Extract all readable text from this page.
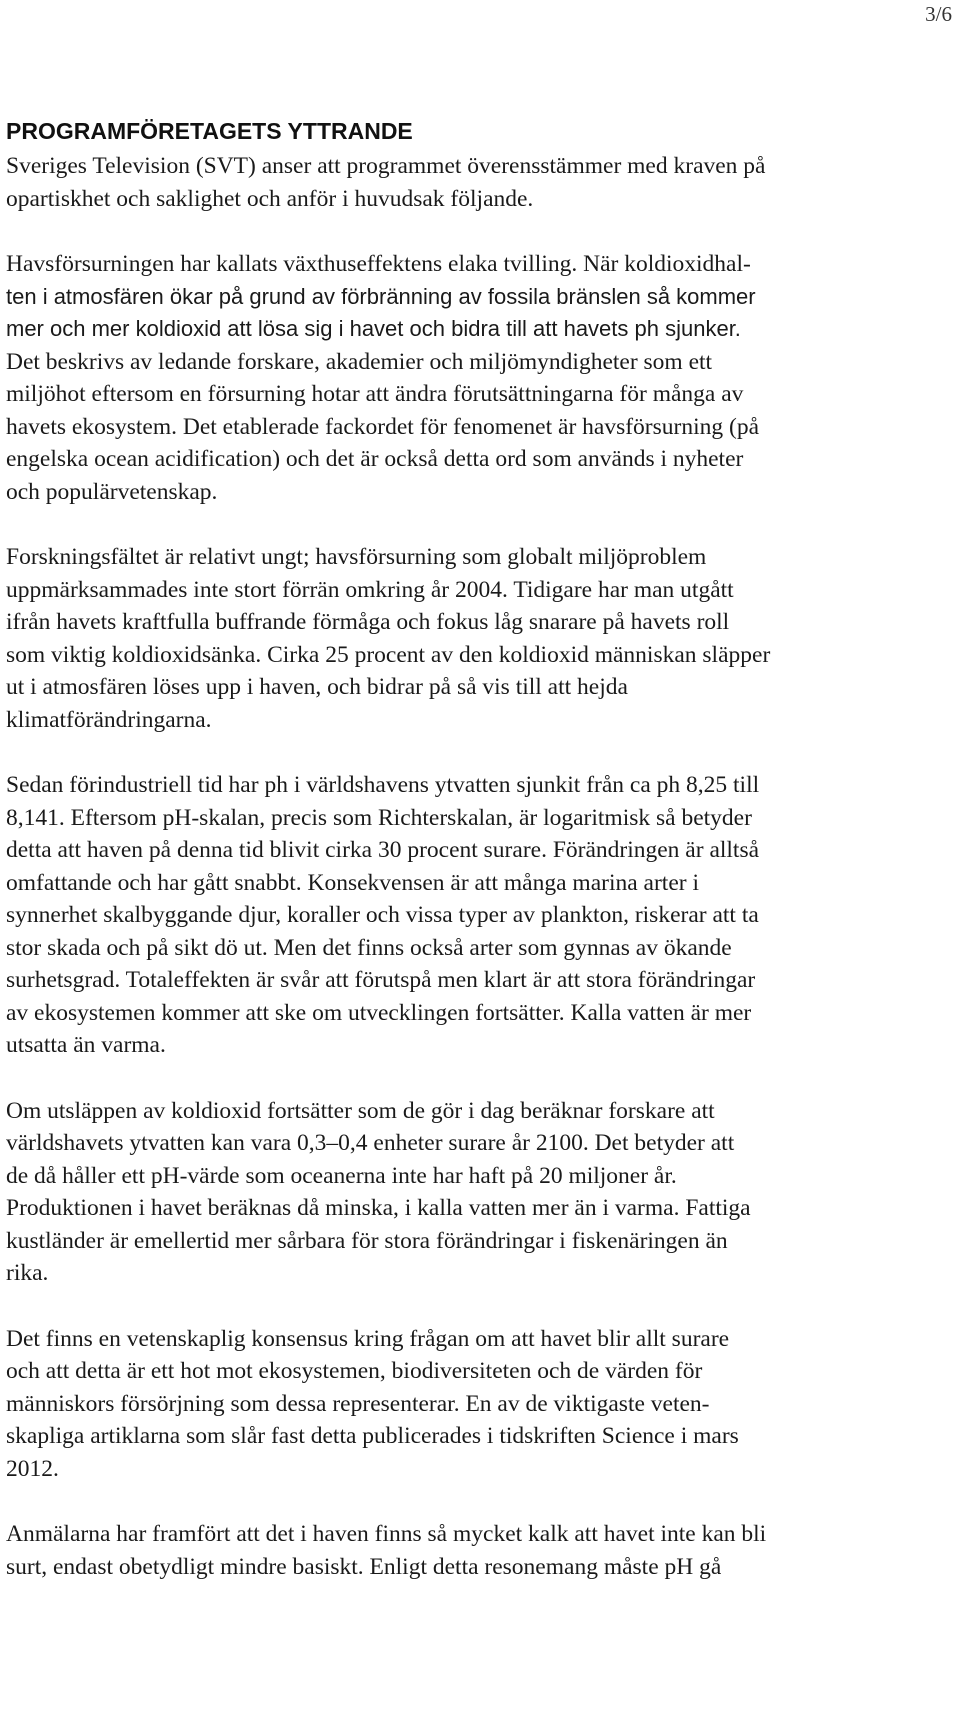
3/6
PROGRAMFÖRETAGETS YTTRANDE
Sveriges Television (SVT) anser att programmet överensstämmer med kraven på
opartiskhet och saklighet och anför i huvudsak följande.
Havsförsurningen har kallats växthuseffektens elaka tvilling. När koldioxidhal-
ten i atmosfären ökar på grund av förbränning av fossila bränslen så kommer
mer och mer koldioxid att lösa sig i havet och bidra till att havets ph sjunker.
Det beskrivs av ledande forskare, akademier och miljömyndigheter som ett
miljöhot eftersom en försurning hotar att ändra förutsättningarna för många av
havets ekosystem. Det etablerade fackordet för fenomenet är havsförsurning (på
engelska ocean acidification) och det är också detta ord som används i nyheter
och populärvetenskap.
Forskningsfältet är relativt ungt; havsförsurning som globalt miljöproblem
uppmärksammades inte stort förrän omkring år 2004. Tidigare har man utgått
ifrån havets kraftfulla buffrande förmåga och fokus låg snarare på havets roll
som viktig koldioxidsänka. Cirka 25 procent av den koldioxid människan släpper
ut i atmosfären löses upp i haven, och bidrar på så vis till att hejda
klimatförändringarna.
Sedan förindustriell tid har ph i världshavens ytvatten sjunkit från ca ph 8,25 till
8,141. Eftersom pH-skalan, precis som Richterskalan, är logaritmisk så betyder
detta att haven på denna tid blivit cirka 30 procent surare. Förändringen är alltså
omfattande och har gått snabbt. Konsekvensen är att många marina arter i
synnerhet skalbyggande djur, koraller och vissa typer av plankton, riskerar att ta
stor skada och på sikt dö ut. Men det finns också arter som gynnas av ökande
surhetsgrad. Totaleffekten är svår att förutspå men klart är att stora förändringar
av ekosystemen kommer att ske om utvecklingen fortsätter. Kalla vatten är mer
utsatta än varma.
Om utsläppen av koldioxid fortsätter som de gör i dag beräknar forskare att
världshavets ytvatten kan vara 0,3–0,4 enheter surare år 2100. Det betyder att
de då håller ett pH-värde som oceanerna inte har haft på 20 miljoner år.
Produktionen i havet beräknas då minska, i kalla vatten mer än i varma. Fattiga
kustländer är emellertid mer sårbara för stora förändringar i fiskenäringen än
rika.
Det finns en vetenskaplig konsensus kring frågan om att havet blir allt surare
och att detta är ett hot mot ekosystemen, biodiversiteten och de värden för
människors försörjning som dessa representerar. En av de viktigaste veten-
skapliga artiklarna som slår fast detta publicerades i tidskriften Science i mars
2012.
Anmälarna har framfört att det i haven finns så mycket kalk att havet inte kan bli
surt, endast obetydligt mindre basiskt. Enligt detta resonemang måste pH gå
